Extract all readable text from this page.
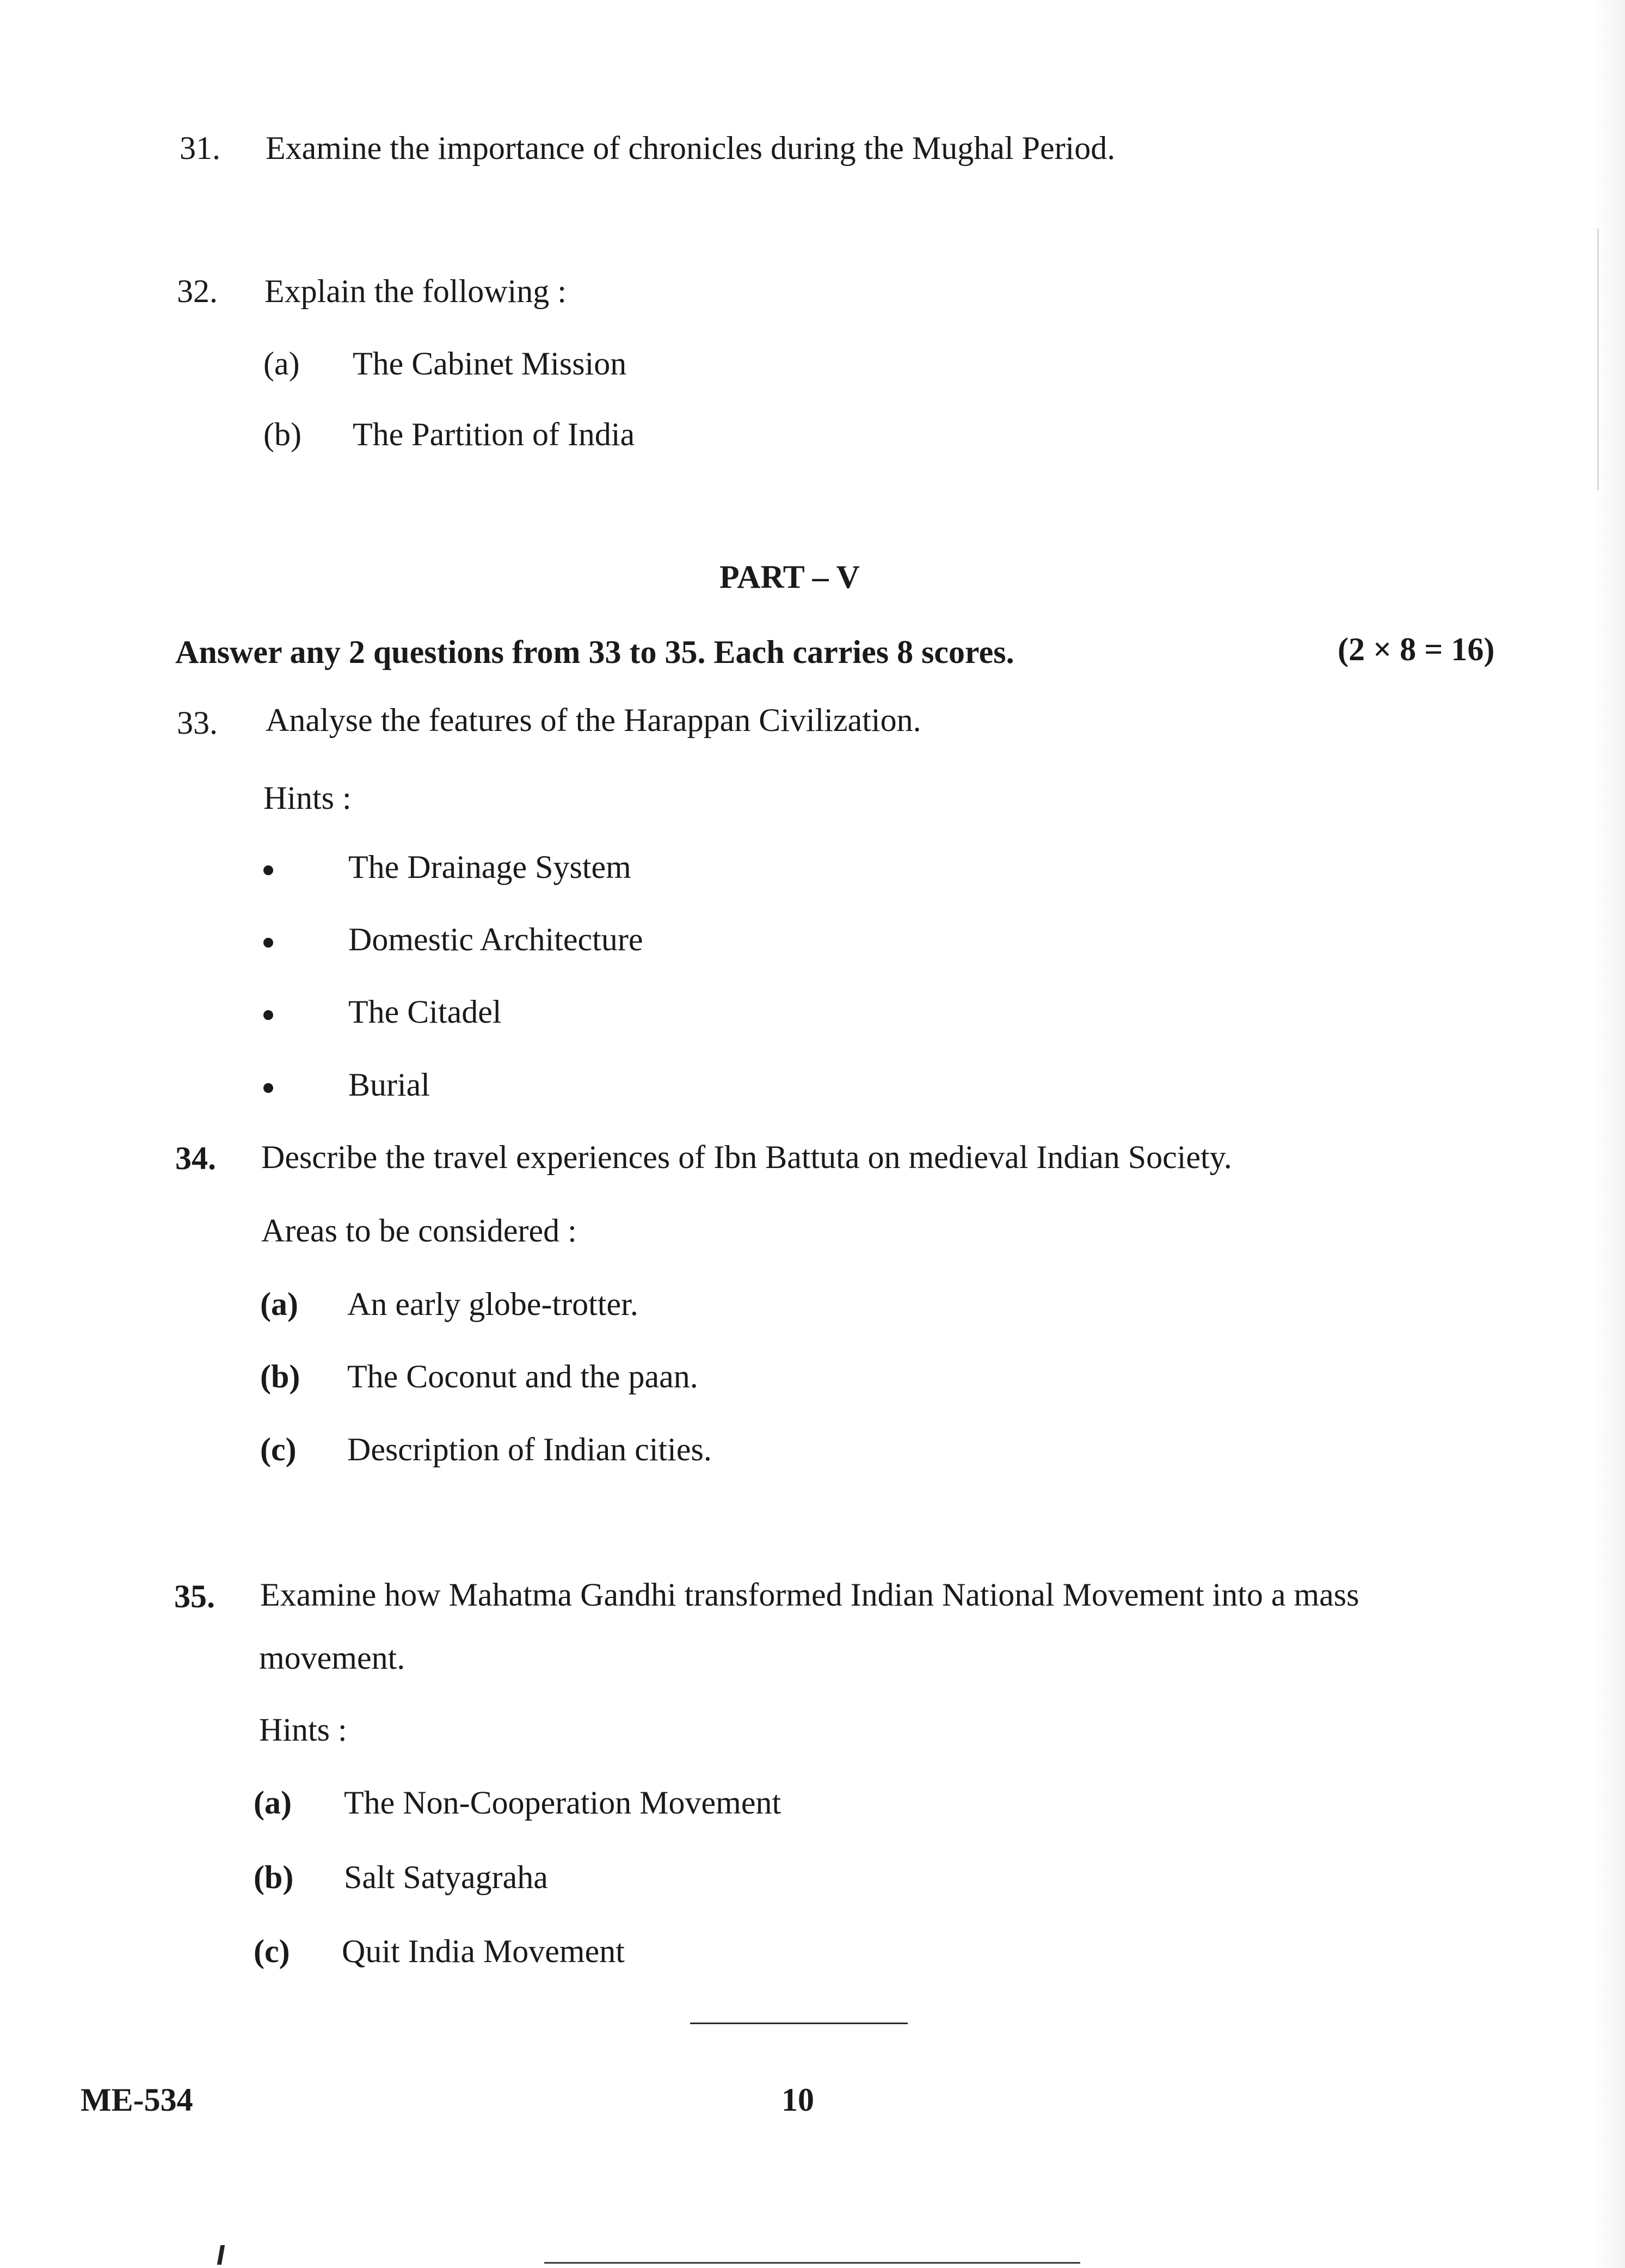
31. Examine the importance of chronicles during the Mughal Period.
32. Explain the following :
(a) The Cabinet Mission
(b) The Partition of India
PART – V
Answer any 2 questions from 33 to 35. Each carries 8 scores.	(2 × 8 = 16)
33. Analyse the features of the Harappan Civilization.
Hints :
The Drainage System
Domestic Architecture
The Citadel
Burial
34. Describe the travel experiences of Ibn Battuta on medieval Indian Society.
Areas to be considered :
(a) An early globe-trotter.
(b) The Coconut and the paan.
(c) Description of Indian cities.
35. Examine how Mahatma Gandhi transformed Indian National Movement into a mass
movement.
Hints :
(a) The Non-Cooperation Movement
(b) Salt Satyagraha
(c) Quit India Movement
ME-534	10
